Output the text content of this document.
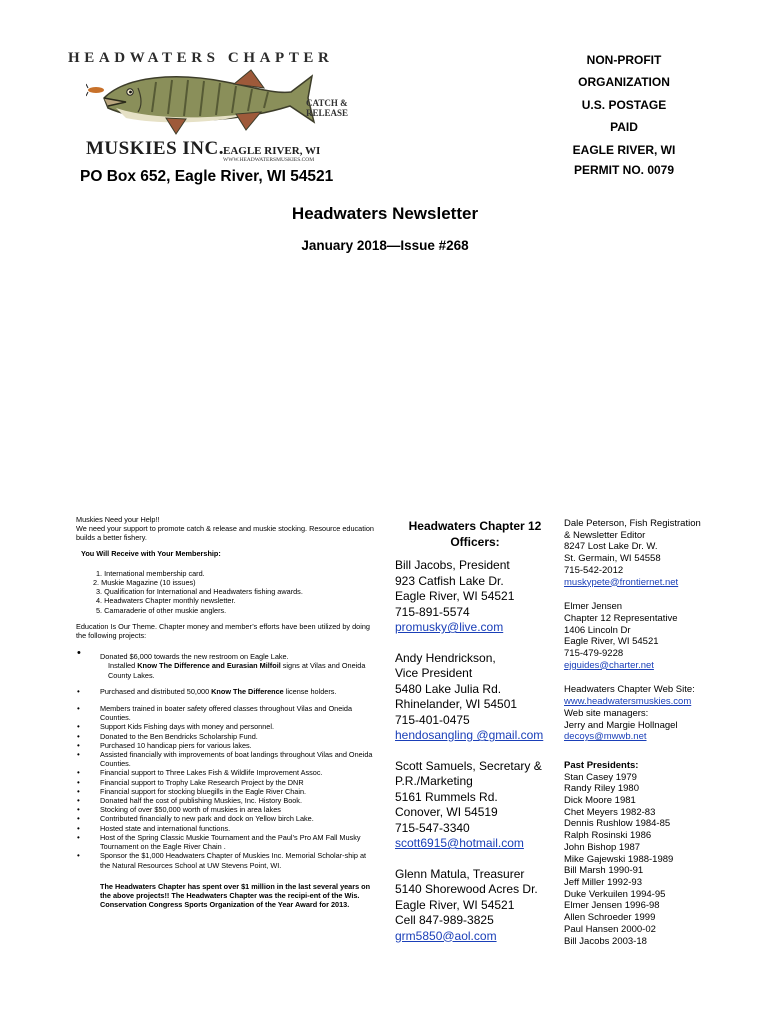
HEADWATERS CHAPTER
CATCH &
RELEASE
MUSKIES INC. EAGLE RIVER, WI
WWW.HEADWATERSMUSKIES.COM
PO Box 652, Eagle River, WI 54521
NON-PROFIT
ORGANIZATION
U.S. POSTAGE
PAID
EAGLE RIVER, WI
PERMIT NO. 0079
Headwaters Newsletter
January 2018—Issue #268
Muskies Need your Help!!
We need your support to promote catch & release and muskie stocking. Resource education builds a better fishery.
You Will Receive with Your Membership:
1. International membership card.
2. Muskie Magazine (10 issues)
3. Qualification for International and Headwaters fishing awards.
4. Headwaters Chapter monthly newsletter.
5. Camaraderie of other muskie anglers.
Education Is Our Theme. Chapter money and member’s efforts have been utilized by doing the following projects:
• Donated $6,000 towards the new restroom on Eagle Lake.
Installed Know The Difference and Eurasian Milfoil signs at Vilas and Oneida County Lakes.
• Purchased and distributed 50,000 Know The Difference license holders.
• Members trained in boater safety offered classes throughout Vilas and Oneida Counties.
• Support Kids Fishing days with money and personnel.
• Donated to the Ben Bendricks Scholarship Fund.
• Purchased 10 handicap piers for various lakes.
• Assisted financially with improvements of boat landings throughout Vilas and Oneida Counties.
• Financial support to Three Lakes Fish & Wildlife Improvement Assoc.
• Financial support to Trophy Lake Research Project by the DNR
• Financial support for stocking bluegills in the Eagle River Chain.
• Donated half the cost of publishing Muskies, Inc. History Book.
• Stocking of over $50,000 worth of muskies in area lakes
• Contributed financially to new park and dock on Yellow birch Lake.
• Hosted state and international functions.
• Host of the Spring Classic Muskie Tournament and the Paul’s Pro AM Fall Musky Tournament on the Eagle River Chain .
• Sponsor the $1,000 Headwaters Chapter of Muskies Inc. Memorial Scholar-ship at the Natural Resources School at UW Stevens Point, WI.
The Headwaters Chapter has spent over $1 million in the last several years on the above projects!! The Headwaters Chapter was the recipi-ent of the Wis. Conservation Congress Sports Organization of the Year Award for 2013.
Headwaters Chapter 12 Officers:
Bill Jacobs, President
923 Catfish Lake Dr.
Eagle River, WI 54521
715-891-5574
promusky@live.com
Andy Hendrickson,
Vice President
5480 Lake Julia Rd.
Rhinelander, WI 54501
715-401-0475
hendosangling @gmail.com
Scott Samuels, Secretary &
P.R./Marketing
5161 Rummels Rd.
Conover, WI 54519
715-547-3340
scott6915@hotmail.com
Glenn Matula, Treasurer
5140 Shorewood Acres Dr.
Eagle River, WI 54521
Cell 847-989-3825
grm5850@aol.com
Dale Peterson, Fish Registration
& Newsletter Editor
8247 Lost Lake Dr. W.
St. Germain, WI 54558
715-542-2012
muskypete@frontiernet.net
Elmer Jensen
Chapter 12 Representative
1406 Lincoln Dr
Eagle River, WI 54521
715-479-9228
ejguides@charter.net
Headwaters Chapter Web Site:
www.headwatersmuskies.com
Web site managers:
Jerry and Margie Hollnagel
decoys@mwwb.net
Past Presidents:
Stan Casey 1979
Randy Riley 1980
Dick Moore 1981
Chet Meyers 1982-83
Dennis Rushlow 1984-85
Ralph Rosinski 1986
John Bishop 1987
Mike Gajewski 1988-1989
Bill Marsh 1990-91
Jeff Miller 1992-93
Duke Verkuilen 1994-95
Elmer Jensen 1996-98
Allen Schroeder 1999
Paul Hansen 2000-02
Bill Jacobs 2003-18
